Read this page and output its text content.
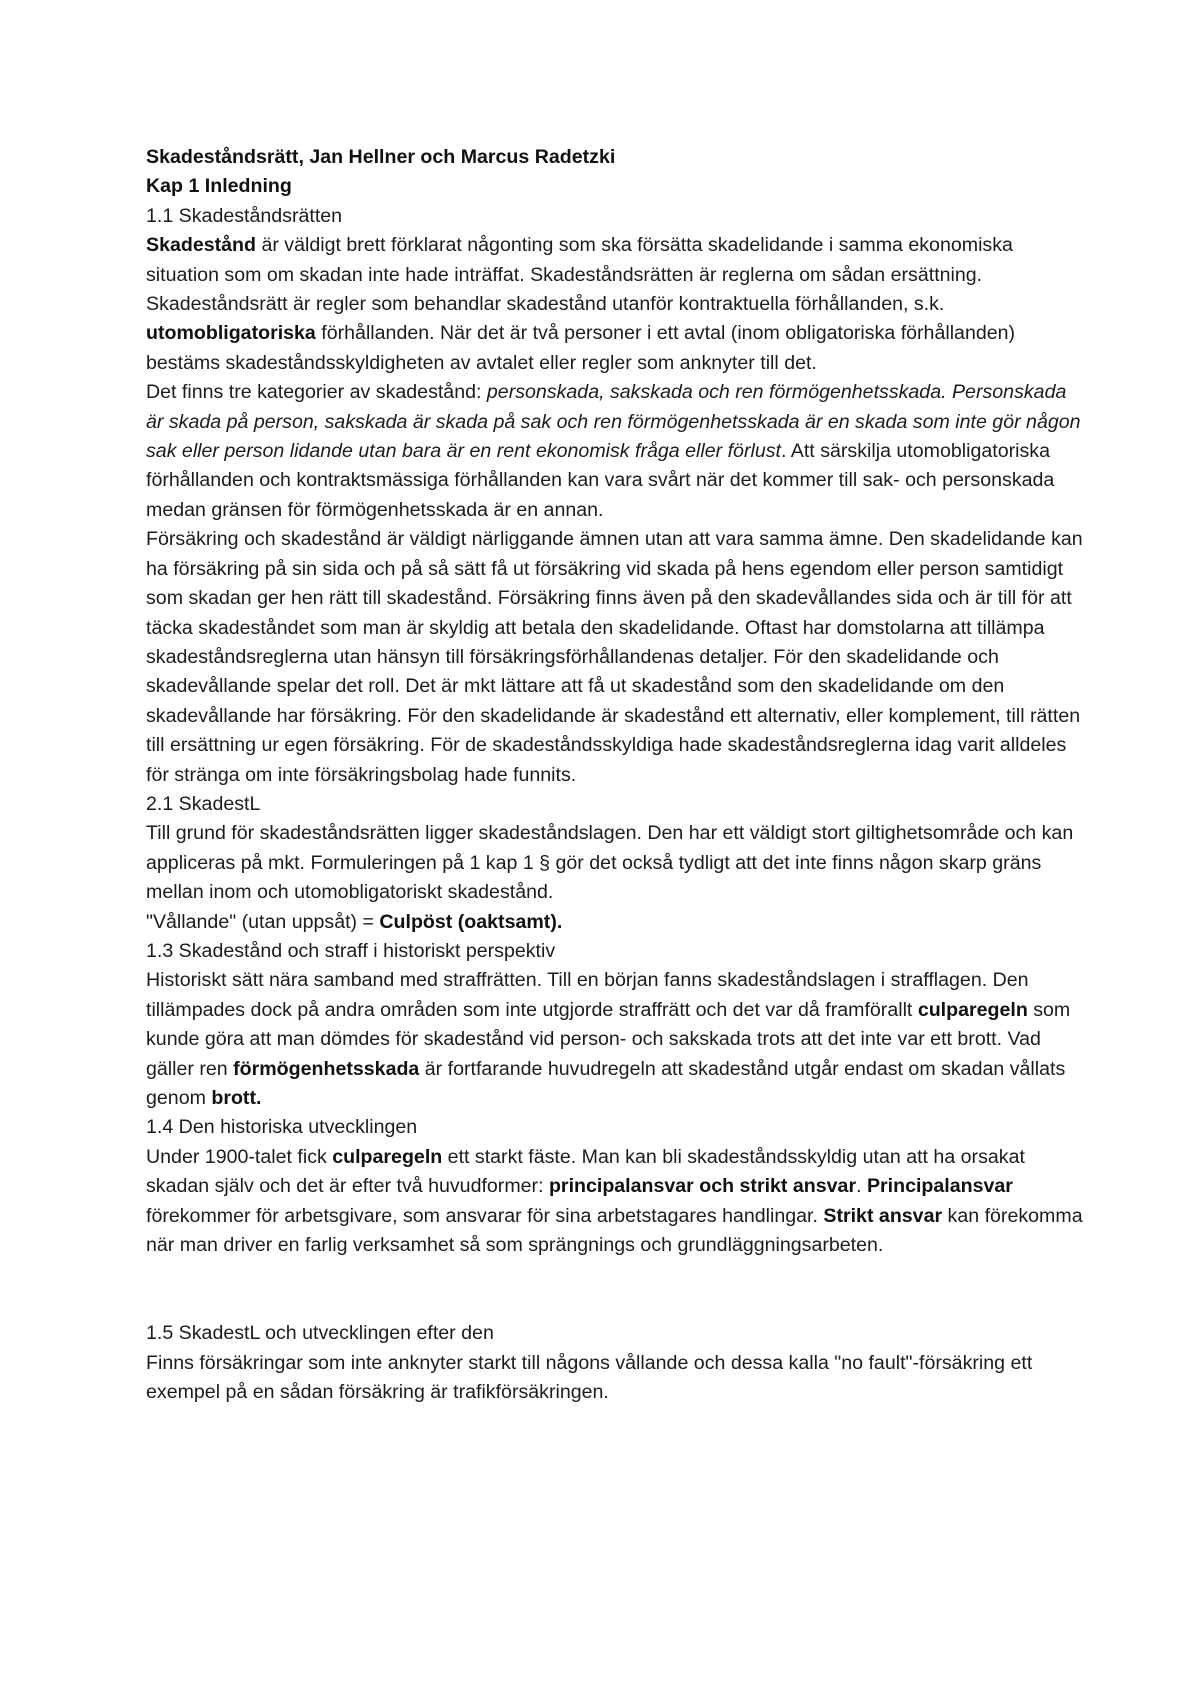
Skadeståndsrätt, Jan Hellner och Marcus Radetzki

Kap 1 Inledning

1.1 Skadeståndsrätten

Skadestånd är väldigt brett förklarat någonting som ska försätta skadelidande i samma ekonomiska situation som om skadan inte hade inträffat. Skadeståndsrätten är reglerna om sådan ersättning. Skadeståndsrätt är regler som behandlar skadestånd utanför kontraktuella förhållanden, s.k. utomobligatoriska förhållanden. När det är två personer i ett avtal (inom obligatoriska förhållanden) bestäms skadeståndsskyldigheten av avtalet eller regler som anknyter till det.

Det finns tre kategorier av skadestånd: personskada, sakskada och ren förmögenhetsskada. Personskada är skada på person, sakskada är skada på sak och ren förmögenhetsskada är en skada som inte gör någon sak eller person lidande utan bara är en rent ekonomisk fråga eller förlust. Att särskilja utomobligatoriska förhållanden och kontraktsmässiga förhållanden kan vara svårt när det kommer till sak- och personskada medan gränsen för förmögenhetsskada är en annan.

Försäkring och skadestånd är väldigt närliggande ämnen utan att vara samma ämne. Den skadelidande kan ha försäkring på sin sida och på så sätt få ut försäkring vid skada på hens egendom eller person samtidigt som skadan ger hen rätt till skadestånd. Försäkring finns även på den skadevållandes sida och är till för att täcka skadeståndet som man är skyldig att betala den skadelidande. Oftast har domstolarna att tillämpa skadeståndsreglerna utan hänsyn till försäkringsförhållandenas detaljer. För den skadelidande och skadevållande spelar det roll. Det är mkt lättare att få ut skadestånd som den skadelidande om den skadevållande har försäkring. För den skadelidande är skadestånd ett alternativ, eller komplement, till rätten till ersättning ur egen försäkring. För de skadeståndsskyldiga hade skadeståndsreglerna idag varit alldeles för stränga om inte försäkringsbolag hade funnits.

2.1 SkadestL

Till grund för skadeståndsrätten ligger skadeståndslagen. Den har ett väldigt stort giltighetsområde och kan appliceras på mkt. Formuleringen på 1 kap 1 § gör det också tydligt att det inte finns någon skarp gräns mellan inom och utomobligatoriskt skadestånd.

"Vållande" (utan uppsåt) = Culpöst (oaktsamt).

1.3 Skadestånd och straff i historiskt perspektiv

Historiskt sätt nära samband med straffrätten. Till en början fanns skadeståndslagen i strafflagen. Den tillämpades dock på andra områden som inte utgjorde straffrätt och det var då framförallt culparegeln som kunde göra att man dömdes för skadestånd vid person- och sakskada trots att det inte var ett brott. Vad gäller ren förmögenhetsskada är fortfarande huvudregeln att skadestånd utgår endast om skadan vållats genom brott.

1.4 Den historiska utvecklingen

Under 1900-talet fick culparegeln ett starkt fäste. Man kan bli skadeståndsskyldig utan att ha orsakat skadan själv och det är efter två huvudformer: principalansvar och strikt ansvar. Principalansvar förekommer för arbetsgivare, som ansvarar för sina arbetstagares handlingar. Strikt ansvar kan förekomma när man driver en farlig verksamhet så som sprängnings och grundläggningsarbeten.

1.5 SkadestL och utvecklingen efter den

Finns försäkringar som inte anknyter starkt till någons vållande och dessa kalla "no fault"-försäkring ett exempel på en sådan försäkring är trafikförsäkringen.
